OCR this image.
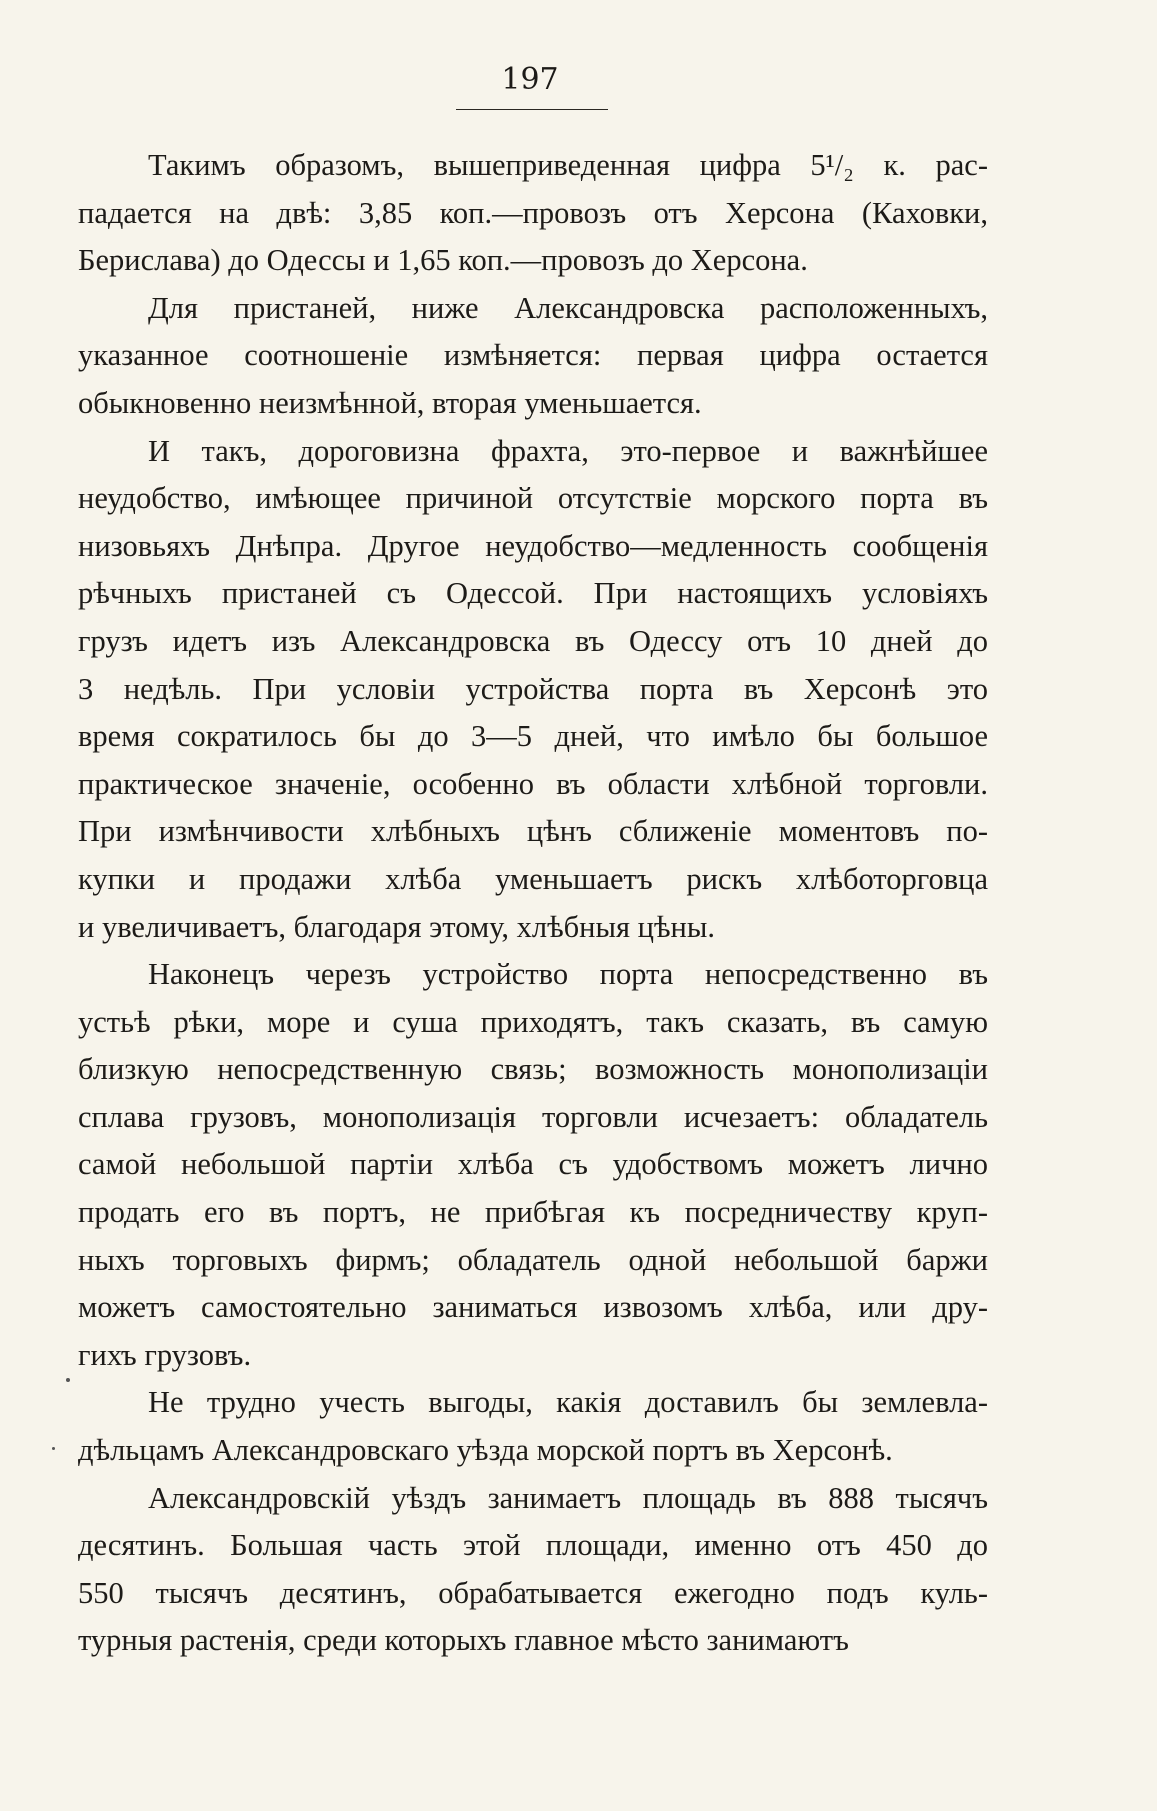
197
Такимъ образомъ, вышеприведенная цифра 5¹/₂ к. рас-
падается на двѣ: 3,85 коп.—провозъ отъ Херсона (Каховки,
Берислава) до Одессы и 1,65 коп.—провозъ до Херсона.
Для пристаней, ниже Александровска расположенныхъ,
указанное соотношеніе измѣняется: первая цифра остается
обыкновенно неизмѣнной, вторая уменьшается.
И такъ, дороговизна фрахта, это-первое и важнѣйшее
неудобство, имѣющее причиной отсутствіе морского порта въ
низовьяхъ Днѣпра. Другое неудобство—медленность сообщенія
рѣчныхъ пристаней съ Одессой. При настоящихъ условіяхъ
грузъ идетъ изъ Александровска въ Одессу отъ 10 дней до
3 недѣль. При условіи устройства порта въ Херсонѣ это
время сократилось бы до 3—5 дней, что имѣло бы большое
практическое значеніе, особенно въ области хлѣбной торговли.
При измѣнчивости хлѣбныхъ цѣнъ сближеніе моментовъ по-
купки и продажи хлѣба уменьшаетъ рискъ хлѣботорговца
и увеличиваетъ, благодаря этому, хлѣбныя цѣны.
Наконецъ черезъ устройство порта непосредственно въ
устьѣ рѣки, море и суша приходятъ, такъ сказать, въ самую
близкую непосредственную связь; возможность монополизаціи
сплава грузовъ, монополизація торговли исчезаетъ: обладатель
самой небольшой партіи хлѣба съ удобствомъ можетъ лично
продать его въ портъ, не прибѣгая къ посредничеству круп-
ныхъ торговыхъ фирмъ; обладатель одной небольшой баржи
можетъ самостоятельно заниматься извозомъ хлѣба, или дру-
гихъ грузовъ.
Не трудно учесть выгоды, какія доставилъ бы землевла-
дѣльцамъ Александровскаго уѣзда морской портъ въ Херсонѣ.
Александровскій уѣздъ занимаетъ площадь въ 888 тысячъ
десятинъ. Большая часть этой площади, именно отъ 450 до
550 тысячъ десятинъ, обрабатывается ежегодно подъ куль-
турныя растенія, среди которыхъ главное мѣсто занимаютъ
